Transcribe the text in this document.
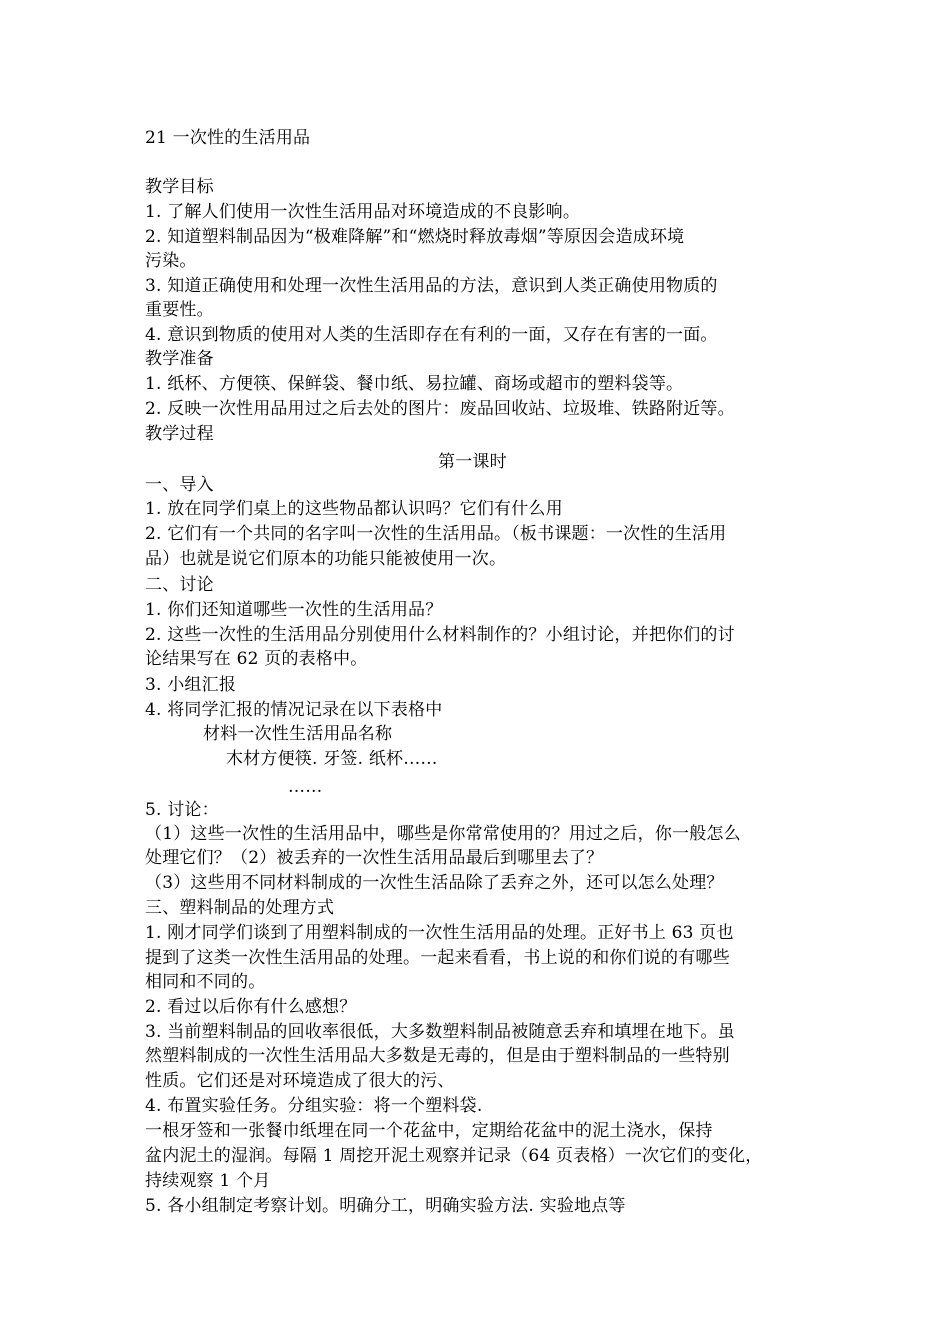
21 一次性的生活用品
教学目标
1. 了解人们使用一次性生活用品对环境造成的不良影响。
2. 知道塑料制品因为“极难降解”和“燃烧时释放毒烟”等原因会造成环境
污染。
3. 知道正确使用和处理一次性生活用品的方法，意识到人类正确使用物质的
重要性。
4. 意识到物质的使用对人类的生活即存在有利的一面，又存在有害的一面。
教学准备
1. 纸杯、方便筷、保鲜袋、餐巾纸、易拉罐、商场或超市的塑料袋等。
2. 反映一次性用品用过之后去处的图片：废品回收站、垃圾堆、铁路附近等。
教学过程
第一课时
一、导入
1. 放在同学们桌上的这些物品都认识吗？它们有什么用
2. 它们有一个共同的名字叫一次性的生活用品。（板书课题：一次性的生活用
品）也就是说它们原本的功能只能被使用一次。
二、讨论
1. 你们还知道哪些一次性的生活用品？
2. 这些一次性的生活用品分别使用什么材料制作的？小组讨论，并把你们的讨
论结果写在 62 页的表格中。
3. 小组汇报
4. 将同学汇报的情况记录在以下表格中
材料一次性生活用品名称
木材方便筷. 牙签. 纸杯……
……
5. 讨论：
（1）这些一次性的生活用品中，哪些是你常常使用的？用过之后，你一般怎么
处理它们？（2）被丢弃的一次性生活用品最后到哪里去了？
（3）这些用不同材料制成的一次性生活品除了丢弃之外，还可以怎么处理？
三、塑料制品的处理方式
1. 刚才同学们谈到了用塑料制成的一次性生活用品的处理。正好书上 63 页也
提到了这类一次性生活用品的处理。一起来看看，书上说的和你们说的有哪些
相同和不同的。
2. 看过以后你有什么感想？
3. 当前塑料制品的回收率很低，大多数塑料制品被随意丢弃和填埋在地下。虽
然塑料制成的一次性生活用品大多数是无毒的，但是由于塑料制品的一些特别
性质。它们还是对环境造成了很大的污、
4. 布置实验任务。分组实验：将一个塑料袋.
一根牙签和一张餐巾纸埋在同一个花盆中，定期给花盆中的泥土浇水，保持
盆内泥土的湿润。每隔 1 周挖开泥土观察并记录（64 页表格）一次它们的变化，
持续观察 1 个月
5. 各小组制定考察计划。明确分工，明确实验方法. 实验地点等
